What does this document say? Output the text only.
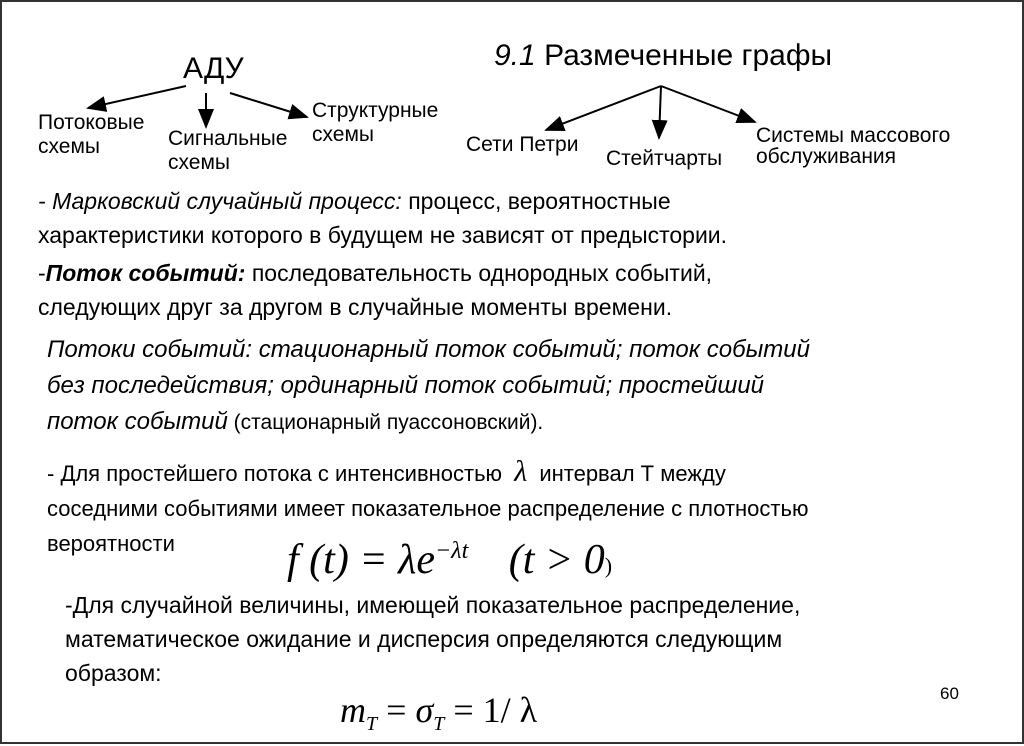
АДУ
Потоковые
схемы	Сигнальные
схемы
Структурные
схемы
9.1 Размеченные графы
Сети Петри
Стейтчарты
Системы массового
обслуживания
- Марковский случайный процесс: процесс, вероятностные
характеристики которого в будущем не зависят от предыстории.
-Поток событий: последовательность однородных событий,
следующих друг за другом в случайные моменты времени.
Потоки событий: стационарный поток событий; поток событий
без последействия; ординарный поток событий; простейший
поток событий (стационарный пуассоновский).
- Для простейшего потока с интенсивностью λ интервал Т между
соседними событиями имеет показательное распределение с плотностью
вероятности	f $(t) = \lambda e^{-\lambda t}$ (t > 0)
-Для случайной величины, имеющей показательное распределение,
математическое ожидание и дисперсия определяются следующим
образом:
60
$m_T = \sigma_T = 1/$ λ
